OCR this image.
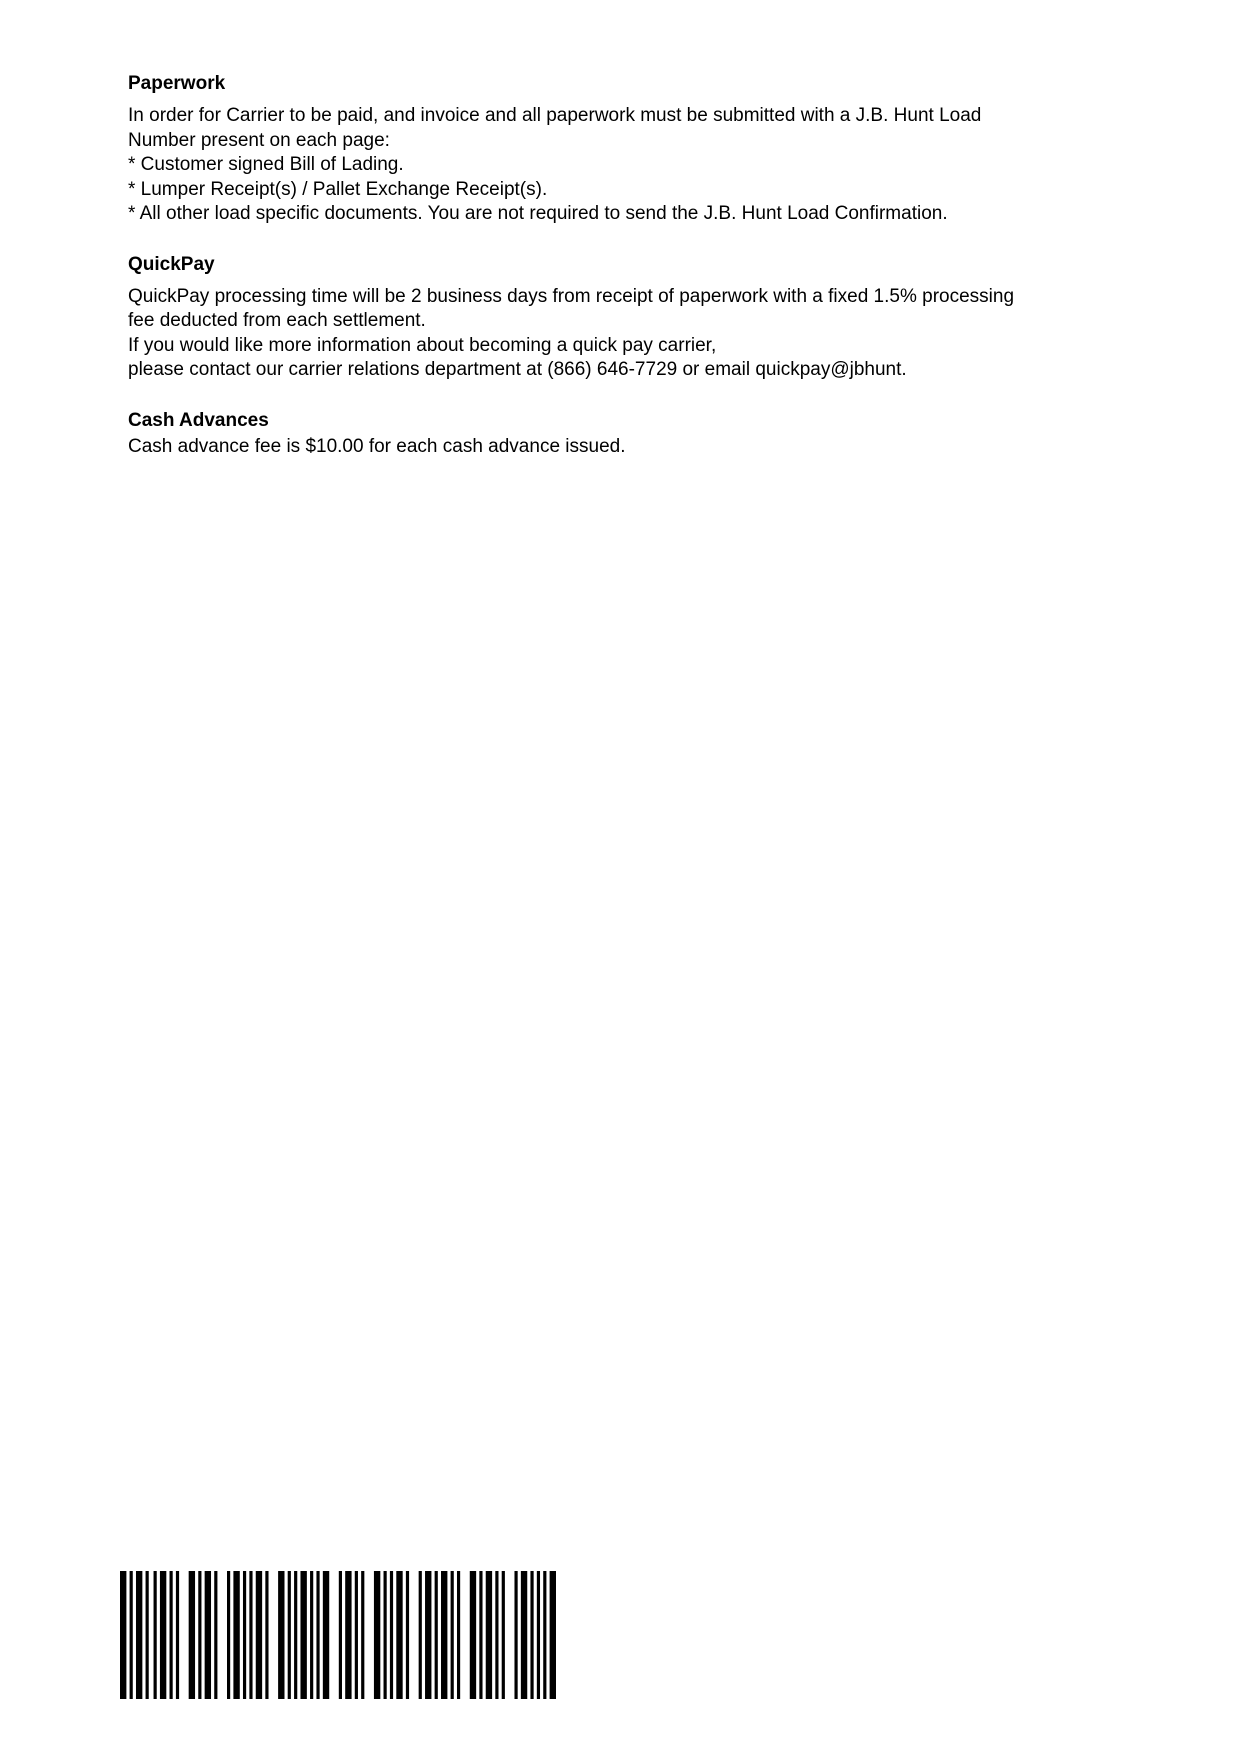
Paperwork
In order for Carrier to be paid, and invoice and all paperwork must be submitted with a J.B. Hunt Load
Number present on each page:
* Customer signed Bill of Lading.
* Lumper Receipt(s) / Pallet Exchange Receipt(s).
* All other load specific documents. You are not required to send the J.B. Hunt Load Confirmation.
QuickPay
QuickPay processing time will be 2 business days from receipt of paperwork with a fixed 1.5% processing
fee deducted from each settlement.
If you would like more information about becoming a quick pay carrier,
please contact our carrier relations department at (866) 646-7729 or email quickpay@jbhunt.
Cash Advances
Cash advance fee is $10.00 for each cash advance issued.
